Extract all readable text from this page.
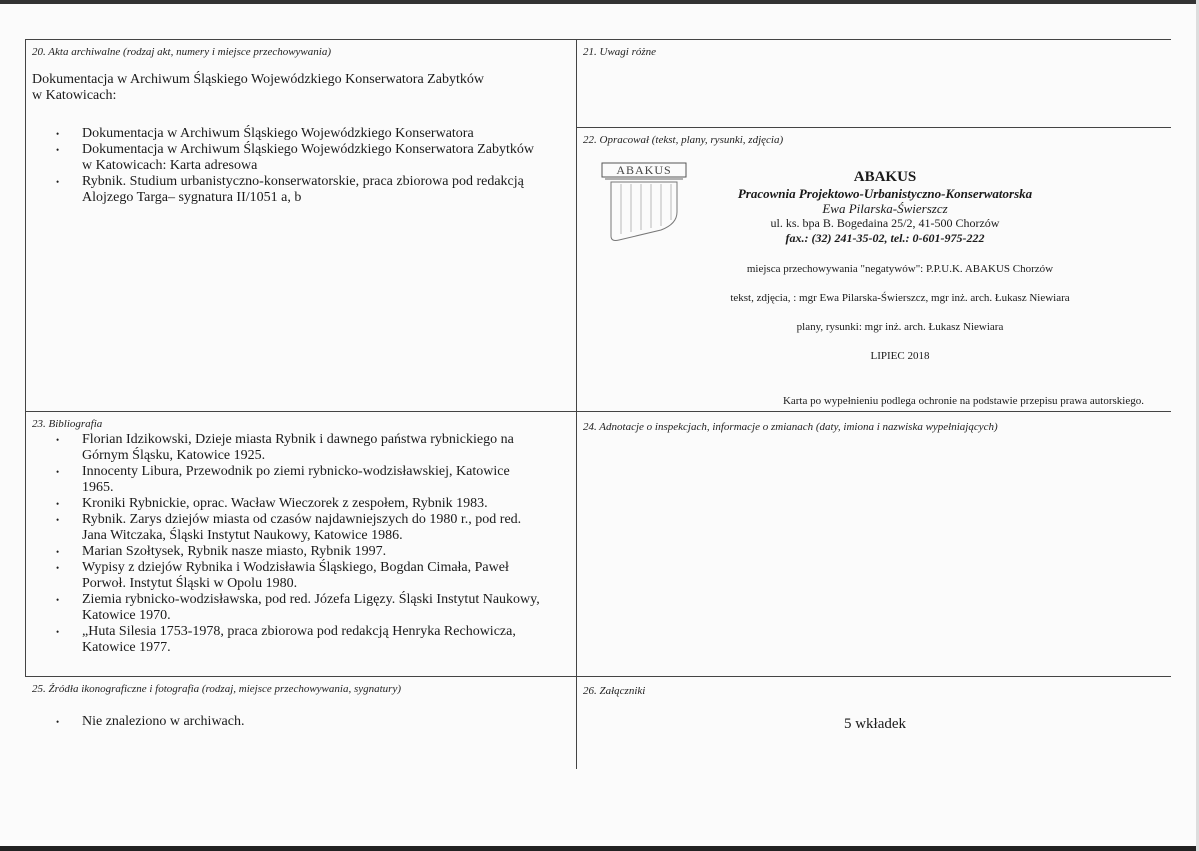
20. Akta archiwalne (rodzaj akt, numery i miejsce przechowywania)
Dokumentacja w Archiwum Śląskiego Wojewódzkiego Konserwatora Zabytków
w Katowicach:
• Dokumentacja w Archiwum Śląskiego Wojewódzkiego Konserwatora
• Dokumentacja w Archiwum Śląskiego Wojewódzkiego Konserwatora Zabytków
w Katowicach: Karta adresowa
• Rybnik. Studium urbanistyczno-konserwatorskie, praca zbiorowa pod redakcją
Alojzego Targa– sygnatura II/1051 a, b
21. Uwagi różne
22. Opracował (tekst, plany, rysunki, zdjęcia)
ABAKUS	ABAKUS
Pracownia Projektowo-Urbanistyczno-Konserwatorska
Ewa Pilarska-Świerszcz
ul. ks. bpa B. Bogedaina 25/2, 41-500 Chorzów
fax.: (32) 241-35-02, tel.: 0-601-975-222
miejsca przechowywania "negatywów": P.P.U.K. ABAKUS Chorzów
tekst, zdjęcia, : mgr Ewa Pilarska-Świerszcz, mgr inż. arch. Łukasz Niewiara
plany, rysunki: mgr inż. arch. Łukasz Niewiara
LIPIEC 2018
Karta po wypełnieniu podlega ochronie na podstawie przepisu prawa autorskiego.
23. Bibliografia
• Florian Idzikowski, Dzieje miasta Rybnik i dawnego państwa rybnickiego na
Górnym Śląsku, Katowice 1925.
• Innocenty Libura, Przewodnik po ziemi rybnicko-wodzisławskiej, Katowice
1965.
• Kroniki Rybnickie, oprac. Wacław Wieczorek z zespołem, Rybnik 1983.
• Rybnik. Zarys dziejów miasta od czasów najdawniejszych do 1980 r., pod red.
Jana Witczaka, Śląski Instytut Naukowy, Katowice 1986.
• Marian Szołtysek, Rybnik nasze miasto, Rybnik 1997.
• Wypisy z dziejów Rybnika i Wodzisławia Śląskiego, Bogdan Cimała, Paweł
Porwoł. Instytut Śląski w Opolu 1980.
• Ziemia rybnicko-wodzisławska, pod red. Józefa Ligęzy. Śląski Instytut Naukowy,
Katowice 1970.
• „Huta Silesia 1753-1978, praca zbiorowa pod redakcją Henryka Rechowicza,
Katowice 1977.
24. Adnotacje o inspekcjach, informacje o zmianach (daty, imiona i nazwiska wypełniających)
25. Źródła ikonograficzne i fotografia (rodzaj, miejsce przechowywania, sygnatury)
• Nie znaleziono w archiwach.
26. Załączniki
5 wkładek
